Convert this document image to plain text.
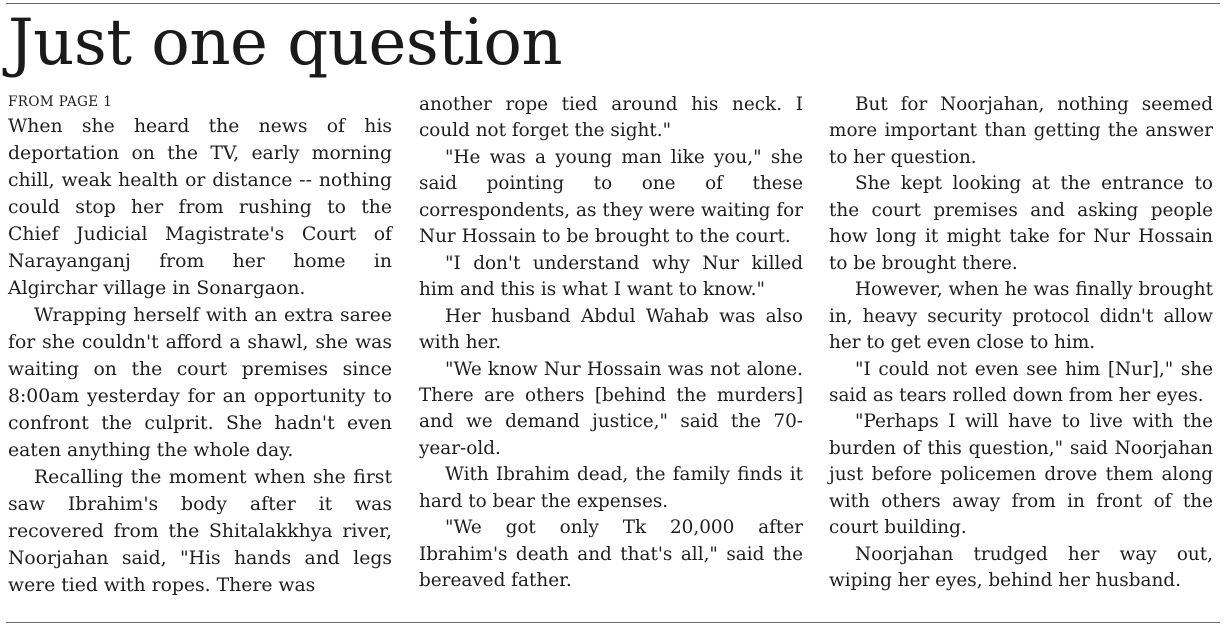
Just one question
FROM PAGE 1

When she heard the news of his deportation on the TV, early morning chill, weak health or distance -- nothing could stop her from rushing to the Chief Judicial Magistrate's Court of Narayanganj from her home in Algirchar village in Sonargaon.

Wrapping herself with an extra saree for she couldn't afford a shawl, she was waiting on the court premises since 8:00am yesterday for an opportunity to confront the culprit. She hadn't even eaten anything the whole day.

Recalling the moment when she first saw Ibrahim's body after it was recovered from the Shitalakkhya river, Noorjahan said, "His hands and legs were tied with ropes. There was

another rope tied around his neck. I could not forget the sight."

"He was a young man like you," she said pointing to one of these correspondents, as they were waiting for Nur Hossain to be brought to the court.

"I don't understand why Nur killed him and this is what I want to know."

Her husband Abdul Wahab was also with her.

"We know Nur Hossain was not alone. There are others [behind the murders] and we demand justice," said the 70-year-old.

With Ibrahim dead, the family finds it hard to bear the expenses.

"We got only Tk 20,000 after Ibrahim's death and that's all," said the bereaved father.

But for Noorjahan, nothing seemed more important than getting the answer to her question.

She kept looking at the entrance to the court premises and asking people how long it might take for Nur Hossain to be brought there.

However, when he was finally brought in, heavy security protocol didn't allow her to get even close to him.

"I could not even see him [Nur]," she said as tears rolled down from her eyes.

"Perhaps I will have to live with the burden of this question," said Noorjahan just before policemen drove them along with others away from in front of the court building.

Noorjahan trudged her way out, wiping her eyes, behind her husband.
